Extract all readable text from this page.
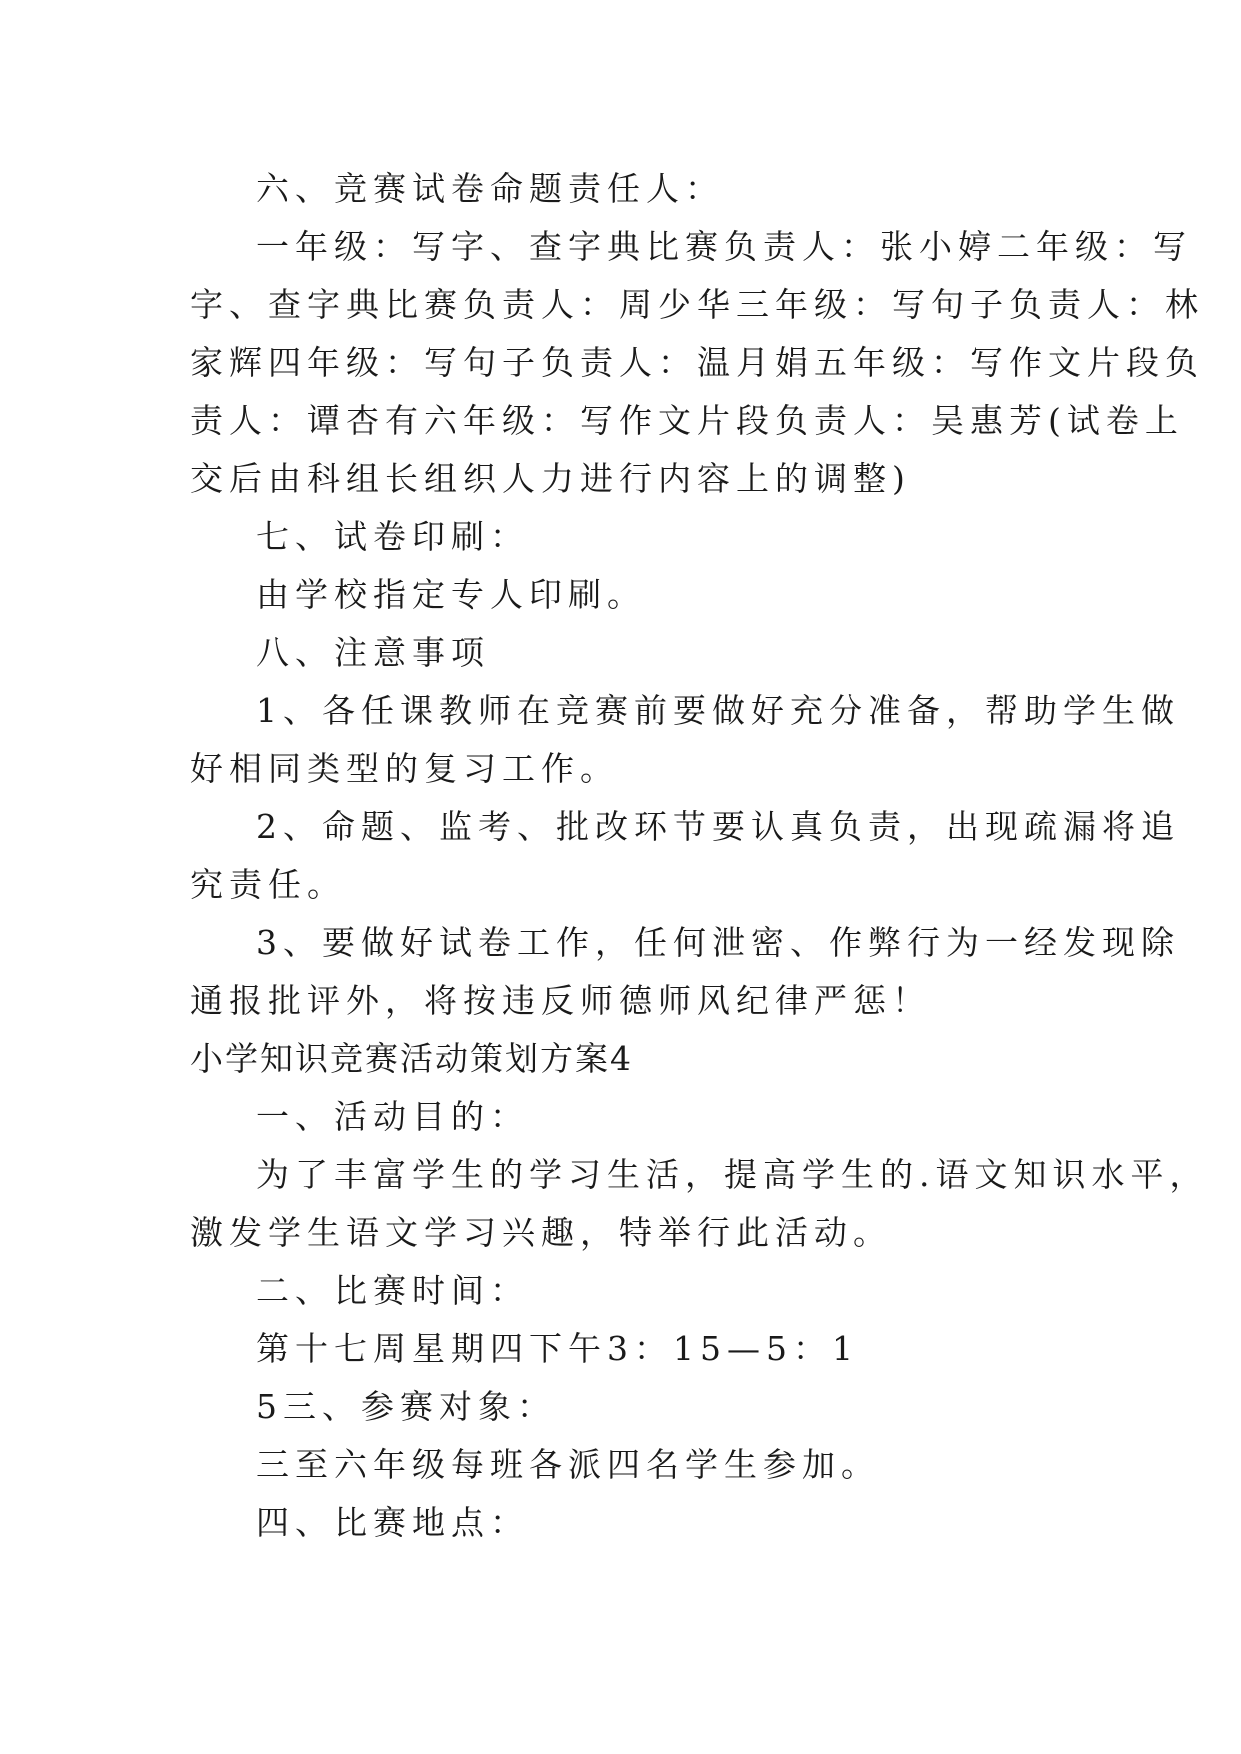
六、竞赛试卷命题责任人：

一年级：写字、查字典比赛负责人：张小婷二年级：写

字、查字典比赛负责人：周少华三年级：写句子负责人：林

家辉四年级：写句子负责人：温月娟五年级：写作文片段负

责人：谭杏有六年级：写作文片段负责人：吴惠芳(试卷上

交后由科组长组织人力进行内容上的调整)

七、试卷印刷：

由学校指定专人印刷。

八、注意事项

1、各任课教师在竞赛前要做好充分准备，帮助学生做

好相同类型的复习工作。

2、命题、监考、批改环节要认真负责，出现疏漏将追

究责任。

3、要做好试卷工作，任何泄密、作弊行为一经发现除

通报批评外，将按违反师德师风纪律严惩！

小学知识竞赛活动策划方案4

一、活动目的：

为了丰富学生的学习生活，提高学生的.语文知识水平，

激发学生语文学习兴趣，特举行此活动。

二、比赛时间：

第十七周星期四下午3：15—5：1

5三、参赛对象：

三至六年级每班各派四名学生参加。

四、比赛地点：
